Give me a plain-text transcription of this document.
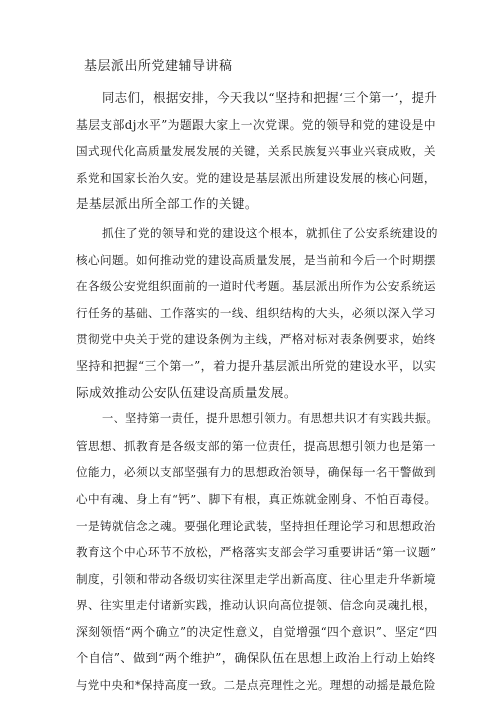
基层派出所党建辅导讲稿
同志们，根据安排，今天我以“坚持和把握‘三个第一’，提升
基层支部dj水平”为题跟大家上一次党课。党的领导和党的建设是中
国式现代化高质量发展发展的关键，关系民族复兴事业兴衰成败，关
系党和国家长治久安。党的建设是基层派出所建设发展的核心问题，
是基层派出所全部工作的关键。
抓住了党的领导和党的建设这个根本，就抓住了公安系统建设的
核心问题。如何推动党的建设高质量发展，是当前和今后一个时期摆
在各级公安党组织面前的一道时代考题。基层派出所作为公安系统运
行任务的基础、工作落实的一线、组织结构的大头，必须以深入学习
贯彻党中央关于党的建设条例为主线，严格对标对表条例要求，始终
坚持和把握“三个第一”，着力提升基层派出所党的建设水平，以实
际成效推动公安队伍建设高质量发展。
一、坚持第一责任，提升思想引领力。有思想共识才有实践共振。
管思想、抓教育是各级支部的第一位责任，提高思想引领力也是第一
位能力，必须以支部坚强有力的思想政治领导，确保每一名干警做到
心中有魂、身上有“钙”、脚下有根，真正炼就金刚身、不怕百毒侵。
一是铸就信念之魂。要强化理论武装，坚持担任理论学习和思想政治
教育这个中心环节不放松，严格落实支部会学习重要讲话“第一议题”
制度，引领和带动各级切实往深里走学出新高度、往心里走升华新境
界、往实里走付诸新实践，推动认识向高位提领、信念向灵魂扎根，
深刻领悟“两个确立”的决定性意义，自觉增强“四个意识”、坚定“四
个自信”、做到“两个维护”，确保队伍在思想上政治上行动上始终
与党中央和*保持高度一致。二是点亮理性之光。理想的动摇是最危险
